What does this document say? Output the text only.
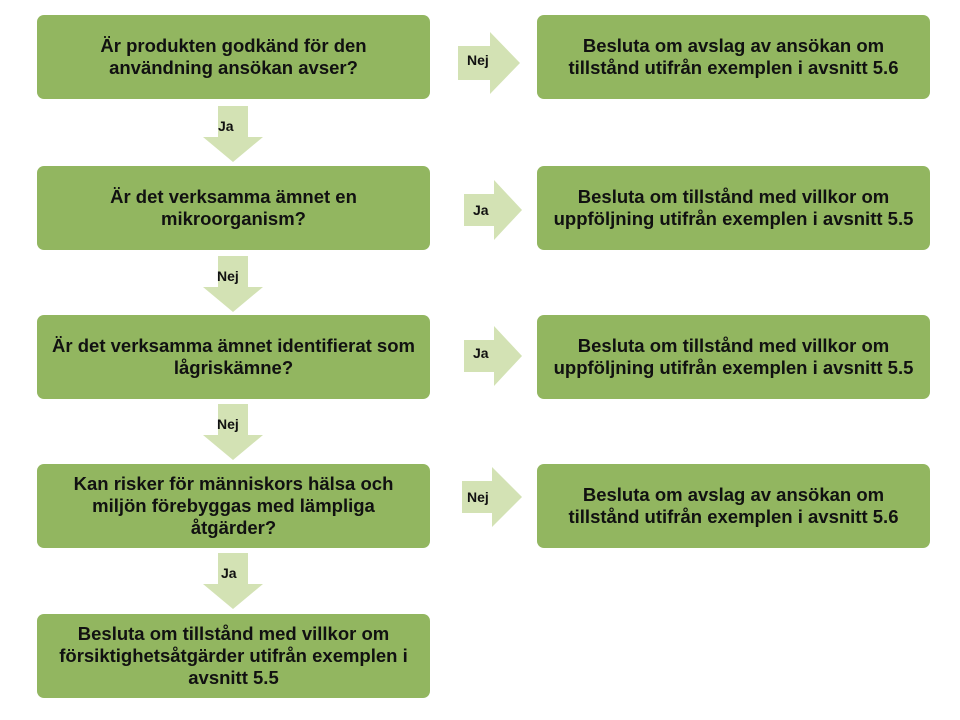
Är produkten godkänd för den användning ansökan avser?
Är det verksamma ämnet en mikroorganism?
Är det verksamma ämnet identifierat som lågriskämne?
Kan risker för människors hälsa och miljön förebyggas med lämpliga åtgärder?
Besluta om tillstånd med villkor om försiktighetsåtgärder utifrån exemplen i avsnitt 5.5
Besluta om avslag av ansökan om tillstånd utifrån exemplen i avsnitt 5.6
Besluta om tillstånd med villkor om uppföljning utifrån exemplen i avsnitt 5.5
Besluta om tillstånd med villkor om uppföljning utifrån exemplen i avsnitt 5.5
Besluta om avslag av ansökan om tillstånd utifrån exemplen i avsnitt 5.6
Nej
Ja
Ja
Nej
Ja
Nej
Nej
Ja
